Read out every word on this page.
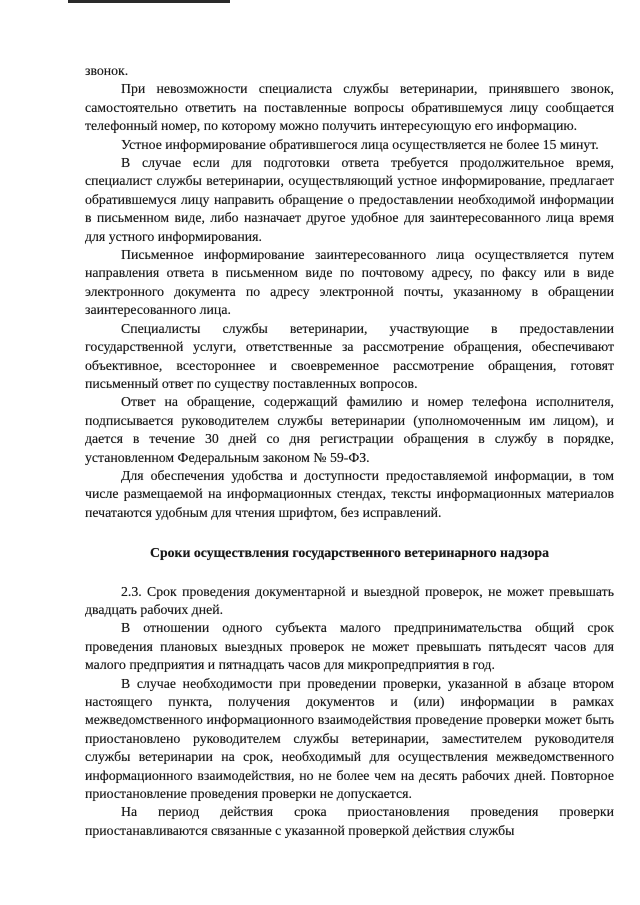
звонок.

При невозможности специалиста службы ветеринарии, принявшего звонок, самостоятельно ответить на поставленные вопросы обратившемуся лицу сообщается телефонный номер, по которому можно получить интересующую его информацию.

Устное информирование обратившегося лица осуществляется не более 15 минут.

В случае если для подготовки ответа требуется продолжительное время, специалист службы ветеринарии, осуществляющий устное информирование, предлагает обратившемуся лицу направить обращение о предоставлении необходимой информации в письменном виде, либо назначает другое удобное для заинтересованного лица время для устного информирования.

Письменное информирование заинтересованного лица осуществляется путем направления ответа в письменном виде по почтовому адресу, по факсу или в виде электронного документа по адресу электронной почты, указанному в обращении заинтересованного лица.

Специалисты службы ветеринарии, участвующие в предоставлении государственной услуги, ответственные за рассмотрение обращения, обеспечивают объективное, всестороннее и своевременное рассмотрение обращения, готовят письменный ответ по существу поставленных вопросов.

Ответ на обращение, содержащий фамилию и номер телефона исполнителя, подписывается руководителем службы ветеринарии (уполномоченным им лицом), и дается в течение 30 дней со дня регистрации обращения в службу в порядке, установленном Федеральным законом № 59-ФЗ.

Для обеспечения удобства и доступности предоставляемой информации, в том числе размещаемой на информационных стендах, тексты информационных материалов печатаются удобным для чтения шрифтом, без исправлений.

Сроки осуществления государственного ветеринарного надзора

2.3. Срок проведения документарной и выездной проверок, не может превышать двадцать рабочих дней.

В отношении одного субъекта малого предпринимательства общий срок проведения плановых выездных проверок не может превышать пятьдесят часов для малого предприятия и пятнадцать часов для микропредприятия в год.

В случае необходимости при проведении проверки, указанной в абзаце втором настоящего пункта, получения документов и (или) информации в рамках межведомственного информационного взаимодействия проведение проверки может быть приостановлено руководителем службы ветеринарии, заместителем руководителя службы ветеринарии на срок, необходимый для осуществления межведомственного информационного взаимодействия, но не более чем на десять рабочих дней. Повторное приостановление проведения проверки не допускается.

На период действия срока приостановления проведения проверки приостанавливаются связанные с указанной проверкой действия службы
